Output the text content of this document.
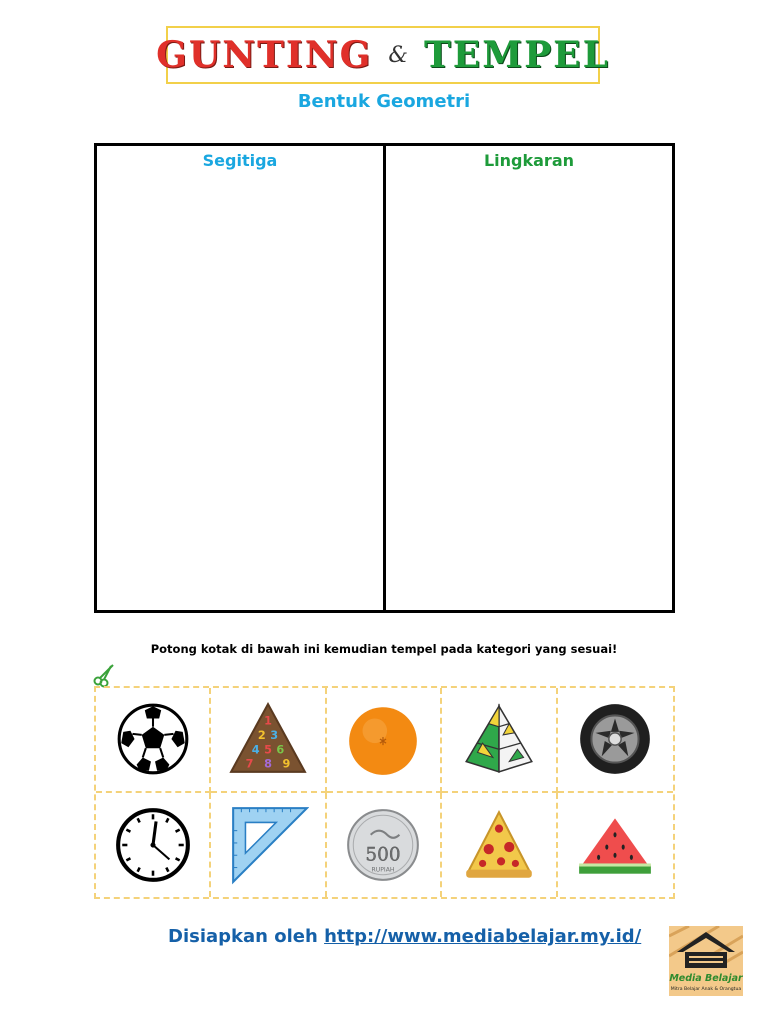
GUNTING & TEMPEL
Bentuk Geometri
Segitiga	Lingkaran
Potong kotak di bawah ini kemudian tempel pada kategori yang sesuai!
1
2 3
4 5 6
7 8 9
500
RUPIAH
Disiapkan oleh http://www.mediabelajar.my.id/
Media Belajar
Mitra Belajar Anak & Orangtua
